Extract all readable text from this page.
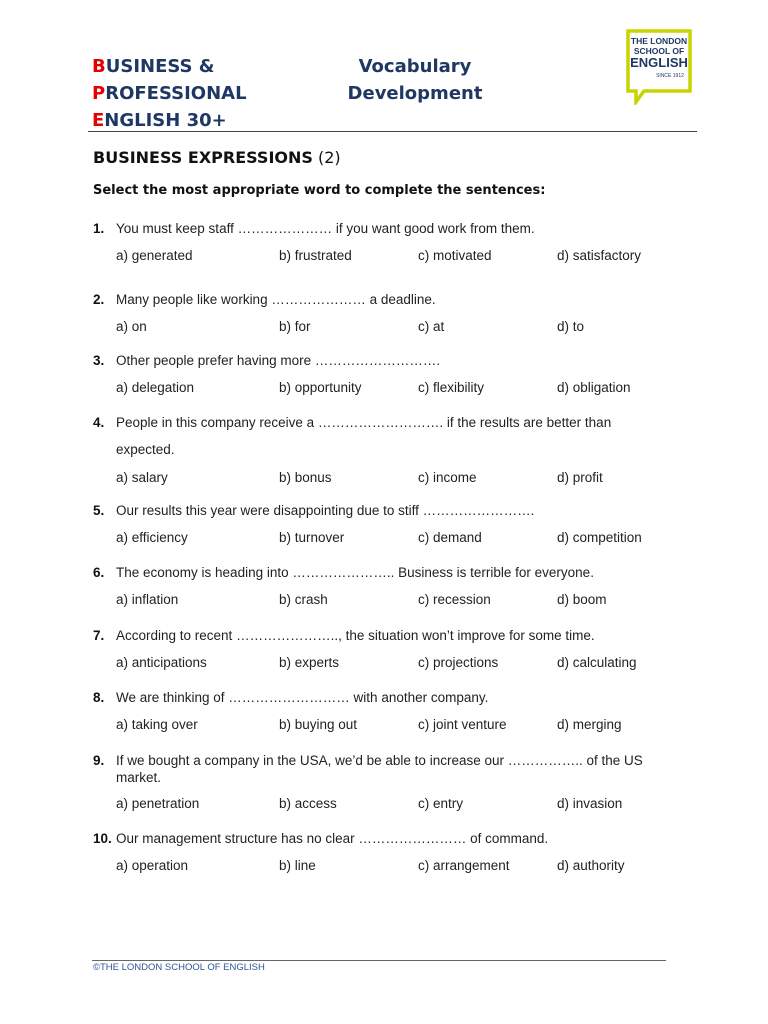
BUSINESS &
PROFESSIONAL
ENGLISH 30+
Vocabulary
Development
THE LONDON
SCHOOL OF
ENGLISH
SINCE 1912
BUSINESS EXPRESSIONS (2)
Select the most appropriate word to complete the sentences:
1. You must keep staff ………………… if you want good work from them.
a) generated	b) frustrated	c) motivated	d) satisfactory
2. Many people like working ………………… a deadline.
a) on	b) for	c) at	d) to
3. Other people prefer having more ……………………….
a) delegation	b) opportunity	c) flexibility	d) obligation
4. People in this company receive a ………………………. if the results are better than expected.
a) salary	b) bonus	c) income	d) profit
5. Our results this year were disappointing due to stiff …………………….
a) efficiency	b) turnover	c) demand	d) competition
6. The economy is heading into ………………….. Business is terrible for everyone.
a) inflation	b) crash	c) recession	d) boom
7. According to recent ………………….., the situation won’t improve for some time.
a) anticipations	b) experts	c) projections	d) calculating
8. We are thinking of ……………………… with another company.
a) taking over	b) buying out	c) joint venture	d) merging
9. If we bought a company in the USA, we’d be able to increase our …………….. of the US market.
a) penetration	b) access	c) entry	d) invasion
10. Our management structure has no clear …………………… of command.
a) operation	b) line	c) arrangement	d) authority
©THE LONDON SCHOOL OF ENGLISH
